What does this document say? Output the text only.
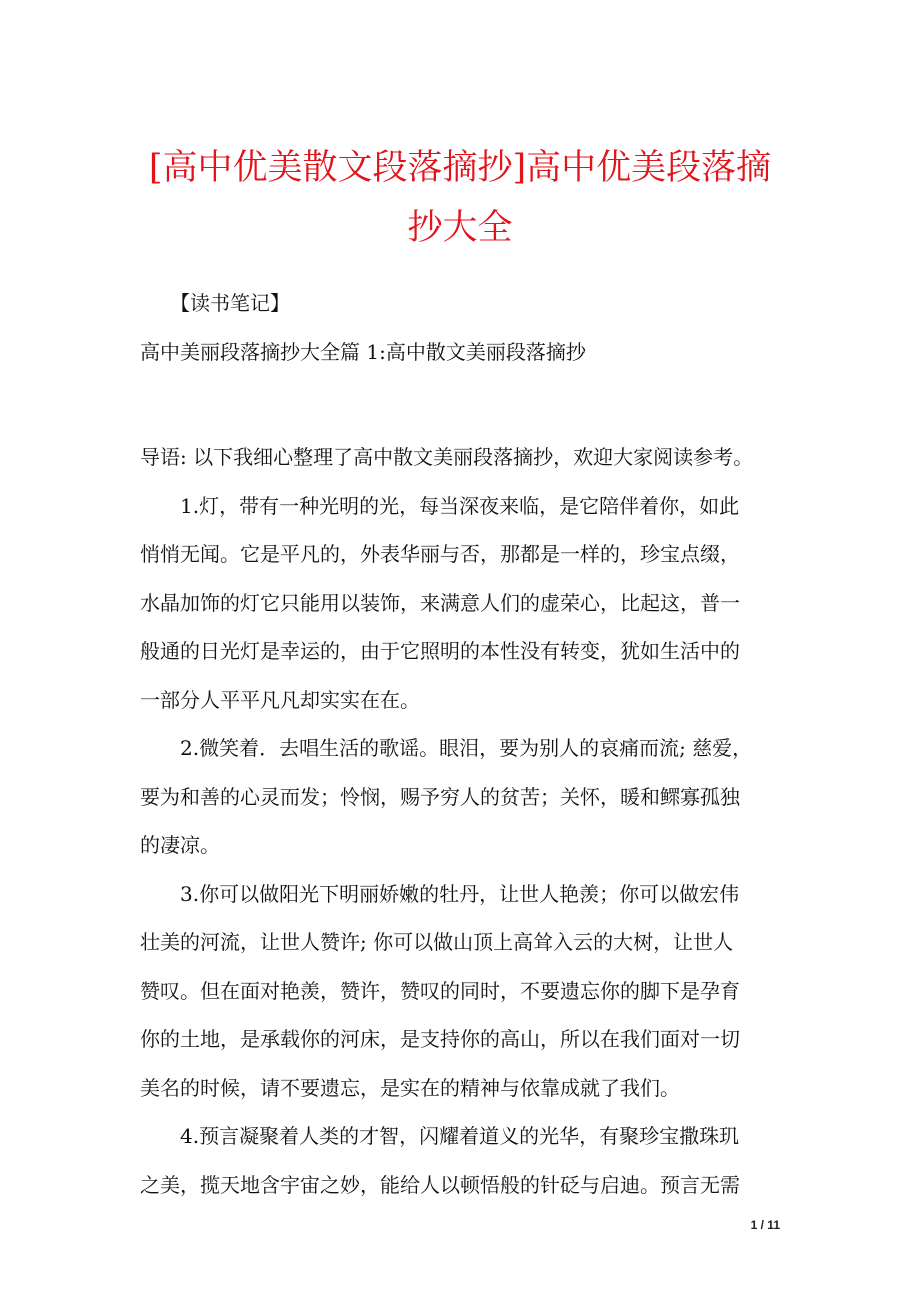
[高中优美散文段落摘抄]高中优美段落摘
抄大全
【读书笔记】
高中美丽段落摘抄大全篇 1:高中散文美丽段落摘抄

导语: 以下我细心整理了高中散文美丽段落摘抄，欢迎大家阅读参考。

1.灯，带有一种光明的光，每当深夜来临，是它陪伴着你，如此
悄悄无闻。它是平凡的，外表华丽与否，那都是一样的，珍宝点缀，
水晶加饰的灯它只能用以装饰，来满意人们的虚荣心，比起这，普一
般通的日光灯是幸运的，由于它照明的本性没有转变，犹如生活中的
一部分人平平凡凡却实实在在。

2.微笑着．去唱生活的歌谣。眼泪，要为别人的哀痛而流; 慈爱，
要为和善的心灵而发；怜悯，赐予穷人的贫苦；关怀，暖和鳏寡孤独
的凄凉。

3.你可以做阳光下明丽娇嫩的牡丹，让世人艳羡；你可以做宏伟
壮美的河流，让世人赞许; 你可以做山顶上高耸入云的大树，让世人
赞叹。但在面对艳羡，赞许，赞叹的同时，不要遗忘你的脚下是孕育
你的土地，是承载你的河床，是支持你的高山，所以在我们面对一切
美名的时候，请不要遗忘，是实在的精神与依靠成就了我们。

4.预言凝聚着人类的才智，闪耀着道义的光华，有聚珍宝撒珠玑
之美，揽天地含宇宙之妙，能给人以顿悟般的针砭与启迪。预言无需

1 / 11
